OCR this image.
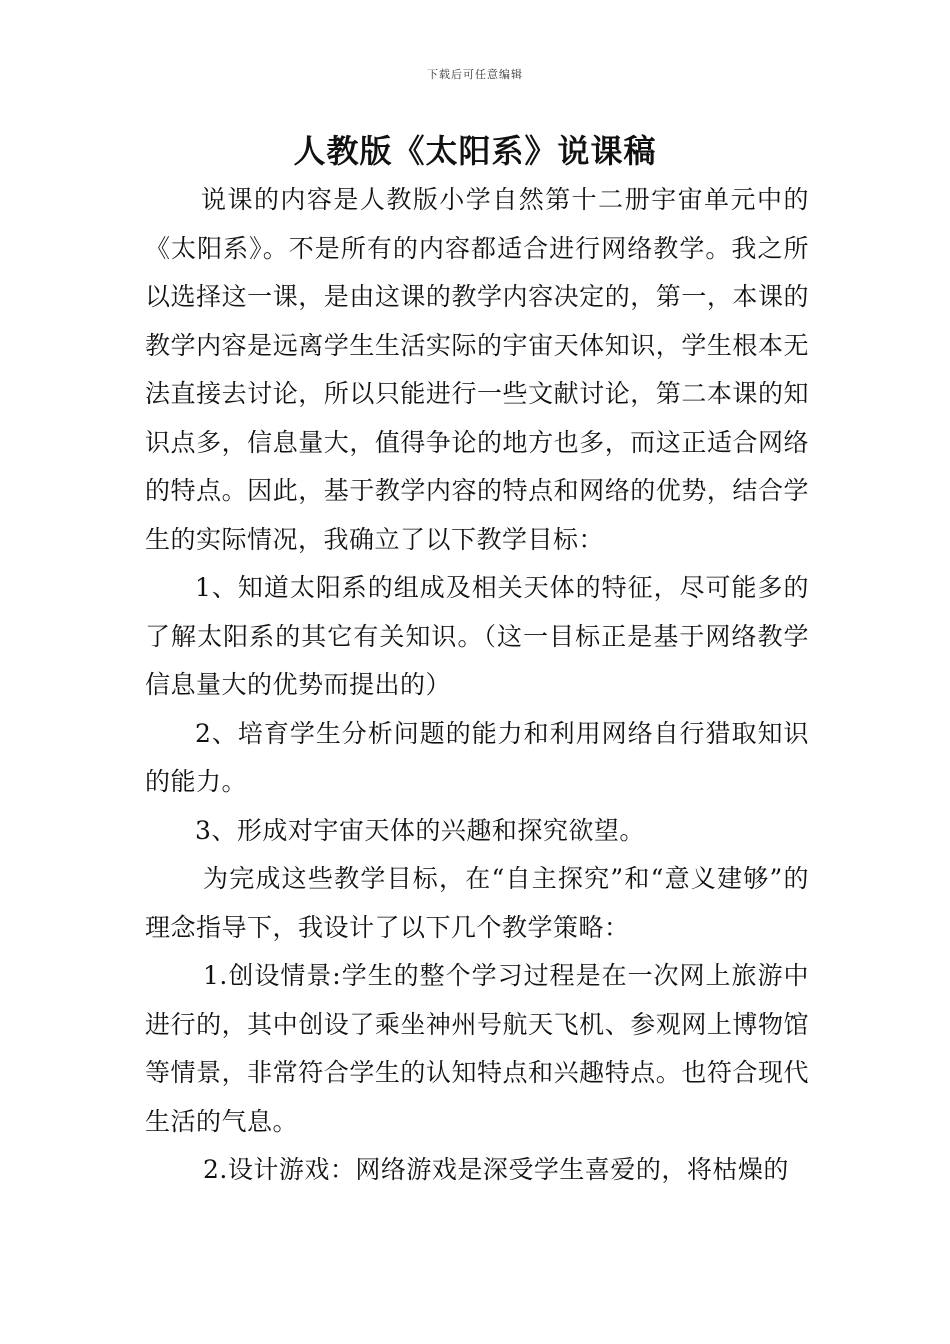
下载后可任意编辑
人教版《太阳系》说课稿

说课的内容是人教版小学自然第十二册宇宙单元中的《太阳系》。不是所有的内容都适合进行网络教学。我之所以选择这一课，是由这课的教学内容决定的，第一，本课的教学内容是远离学生生活实际的宇宙天体知识，学生根本无法直接去讨论，所以只能进行一些文献讨论，第二本课的知识点多，信息量大，值得争论的地方也多，而这正适合网络的特点。因此，基于教学内容的特点和网络的优势，结合学生的实际情况，我确立了以下教学目标：

1、知道太阳系的组成及相关天体的特征，尽可能多的了解太阳系的其它有关知识。（这一目标正是基于网络教学信息量大的优势而提出的）

2、培育学生分析问题的能力和利用网络自行猎取知识的能力。

3、形成对宇宙天体的兴趣和探究欲望。

为完成这些教学目标，在“自主探究”和“意义建够”的理念指导下，我设计了以下几个教学策略：

1.创设情景:学生的整个学习过程是在一次网上旅游中进行的，其中创设了乘坐神州号航天飞机、参观网上博物馆等情景，非常符合学生的认知特点和兴趣特点。也符合现代生活的气息。

2.设计游戏：网络游戏是深受学生喜爱的，将枯燥的
